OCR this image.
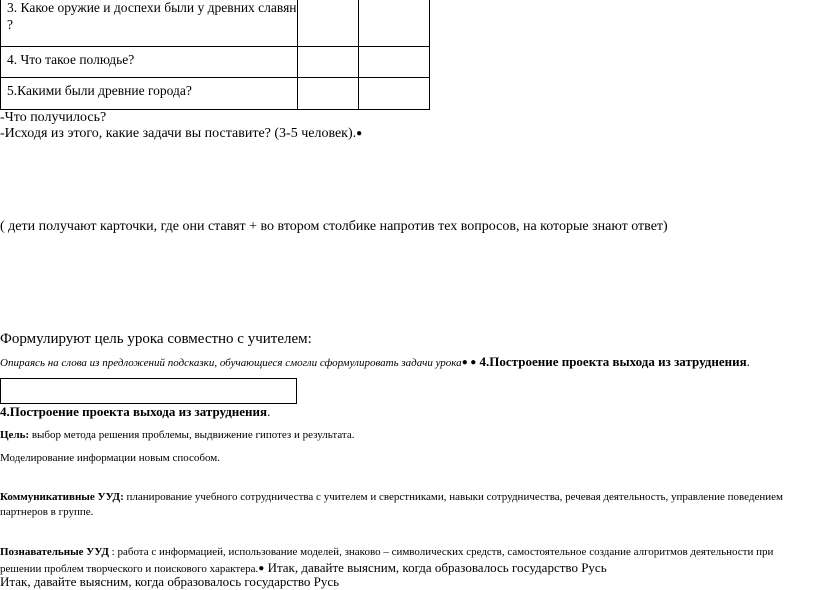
3. Какое оружие и доспехи были у древних славян ?		
4. Что такое полюдье?		
5.Какими были древние города?		
-Что получилось?
-Исходя из этого, какие задачи вы поставите? (3-5 человек).●
( дети получают карточки, где они ставят + во втором столбике напротив тех вопросов, на которые знают ответ)
Формулируют цель урока совместно с учителем:
Опираясь на слова из предложений подсказки, обучающиеся смогли сформулировать задачи урока● ● 4.Построение проекта выхода из затруднения.
4.Построение проекта выхода из затруднения.
Цель: выбор метода решения проблемы, выдвижение гипотез и результата.
Моделирование информации новым способом.
Коммуникативные УУД: планирование учебного сотрудничества с учителем и сверстниками, навыки сотрудничества, речевая деятельность, управление поведением партнеров в группе.
Познавательные УУД : работа с информацией, использование моделей, знаково – символических средств, самостоятельное создание алгоритмов деятельности при решении проблем творческого и поискового характера.● Итак, давайте выясним, когда образовалось государство Русь
Итак, давайте выясним, когда образовалось государство Русь
